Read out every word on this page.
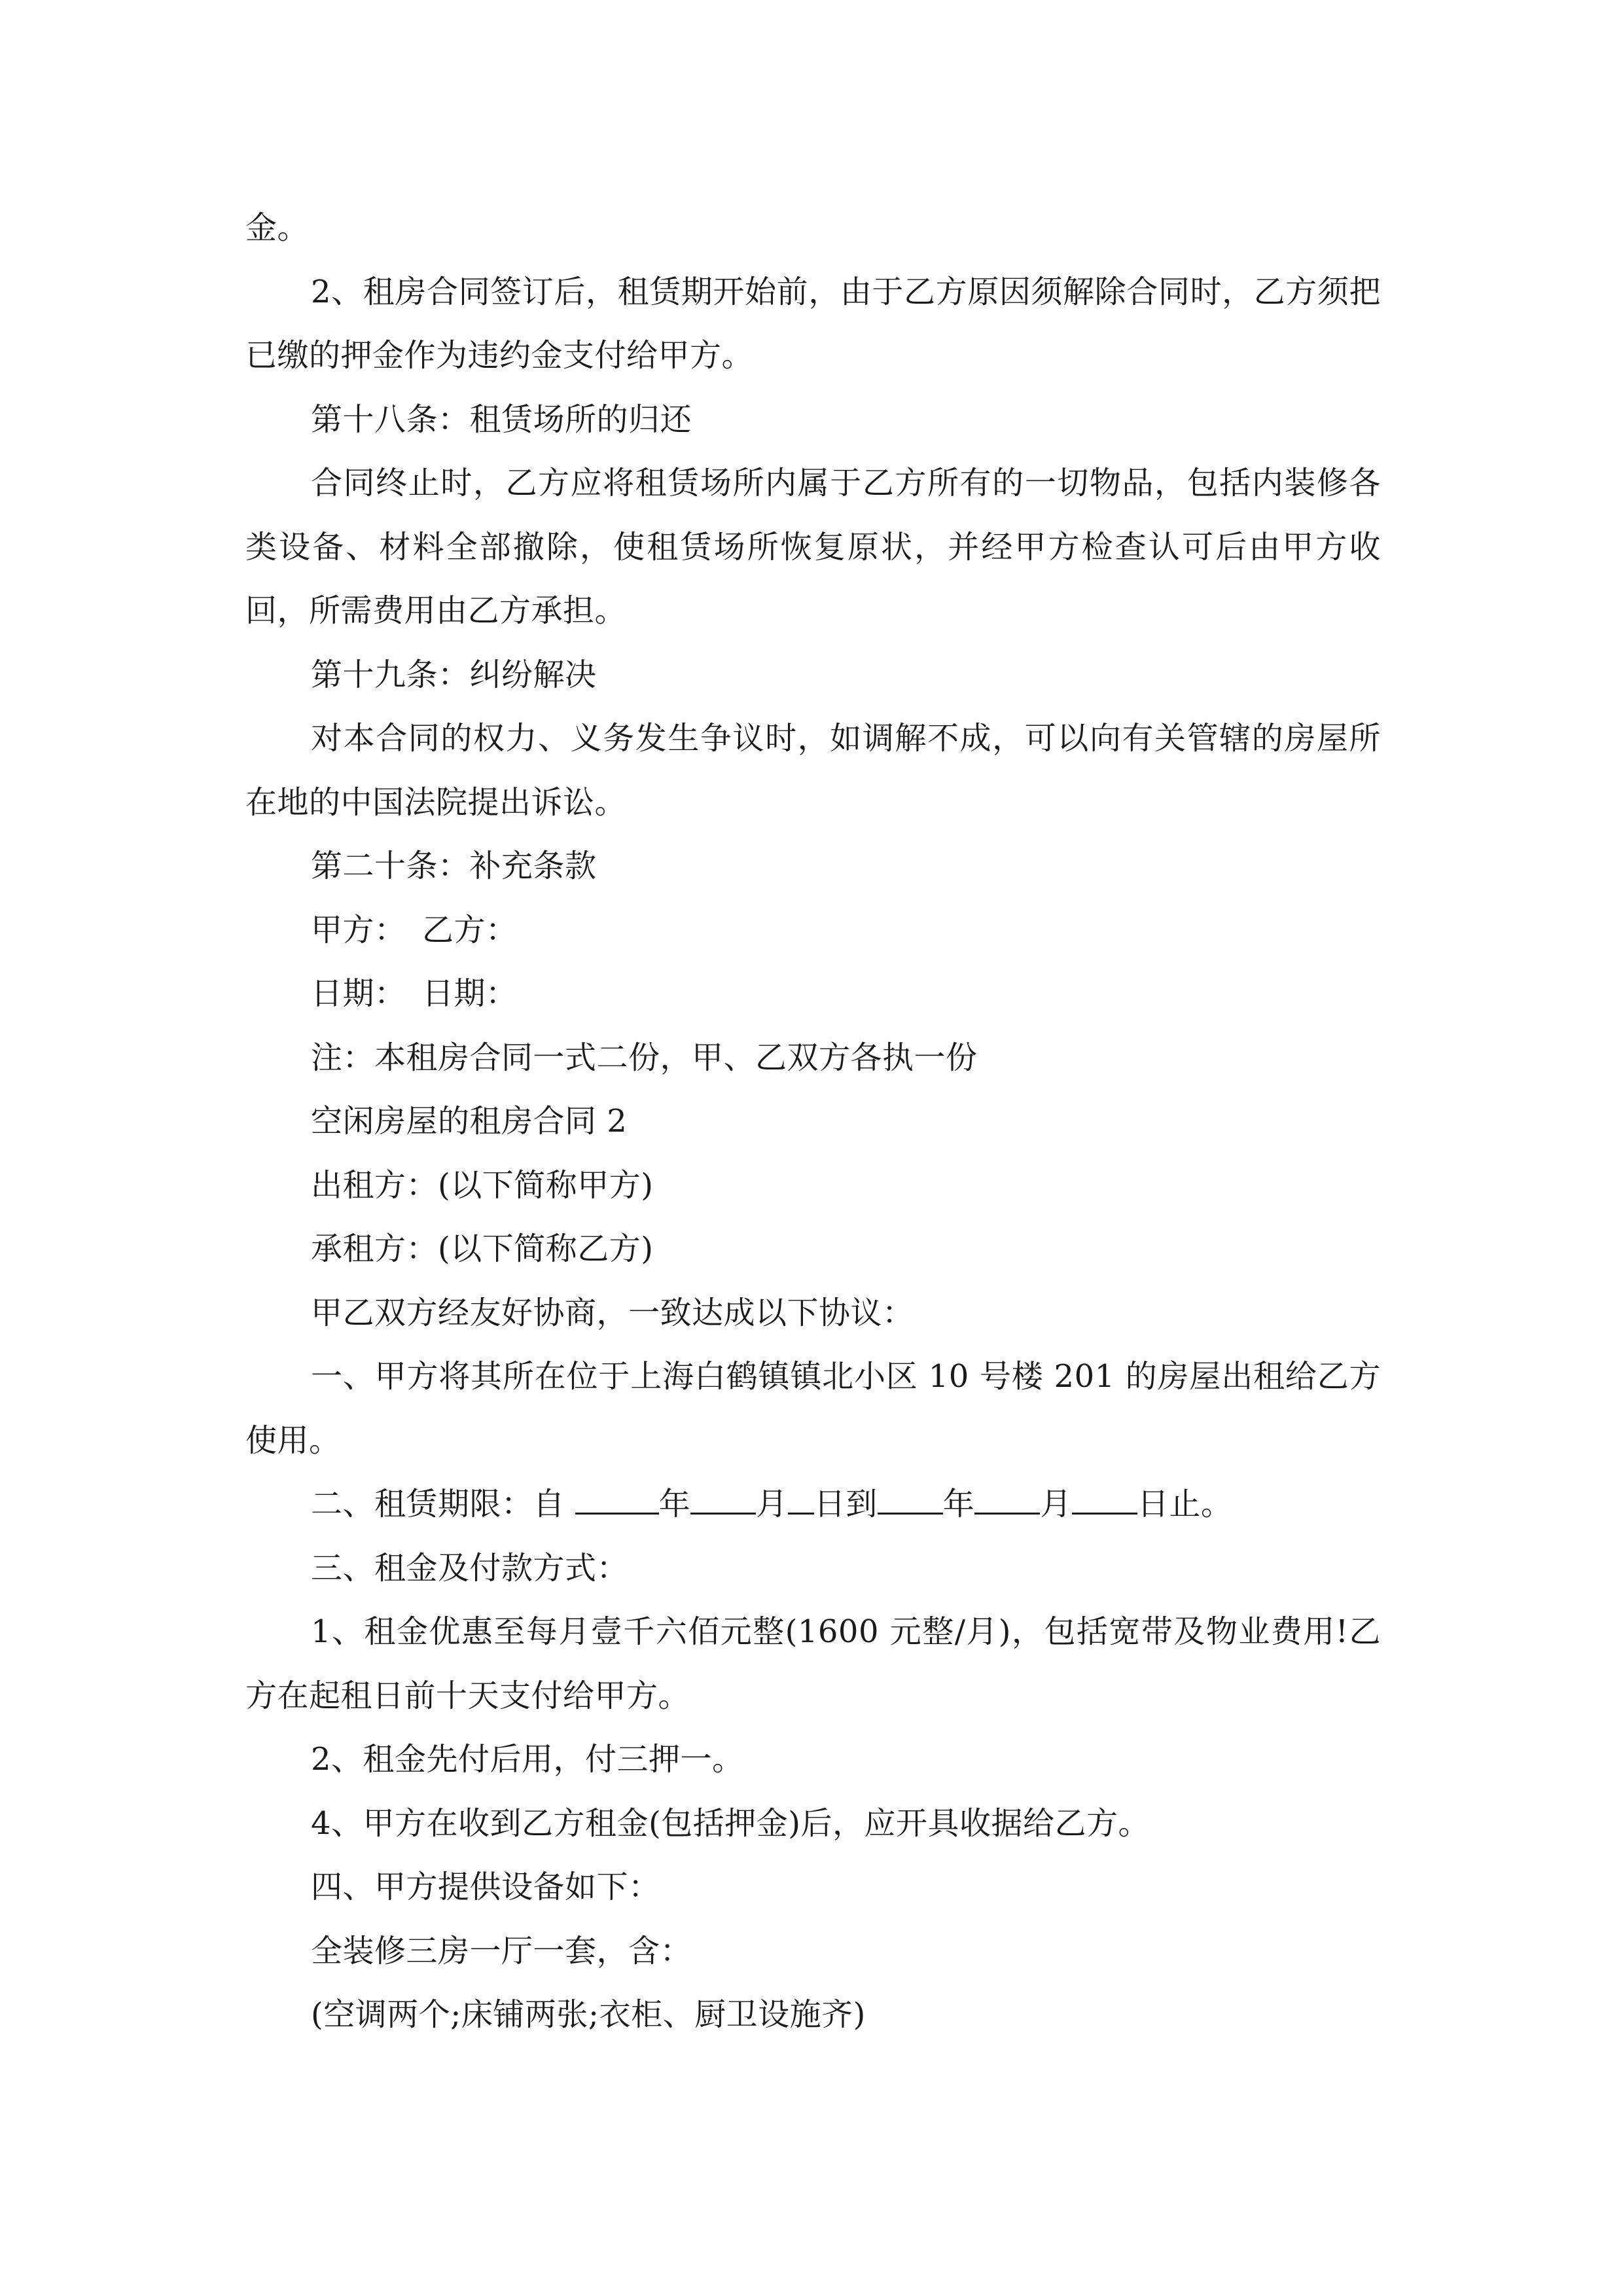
金。

2、租房合同签订后，租赁期开始前，由于乙方原因须解除合同时，乙方须把已缴的押金作为违约金支付给甲方。

第十八条：租赁场所的归还

合同终止时，乙方应将租赁场所内属于乙方所有的一切物品，包括内装修各类设备、材料全部撤除，使租赁场所恢复原状，并经甲方检查认可后由甲方收回，所需费用由乙方承担。

第十九条：纠纷解决

对本合同的权力、义务发生争议时，如调解不成，可以向有关管辖的房屋所在地的中国法院提出诉讼。

第二十条：补充条款

甲方：　乙方：

日期：　日期：

注：本租房合同一式二份，甲、乙双方各执一份

空闲房屋的租房合同 2

出租方：(以下简称甲方)

承租方：(以下简称乙方)

甲乙双方经友好协商，一致达成以下协议：

一、甲方将其所在位于上海白鹤镇镇北小区 10 号楼 201 的房屋出租给乙方使用。

二、租赁期限：自	年 月 日到 年 月 日止。

三、租金及付款方式：

1、租金优惠至每月壹千六佰元整(1600 元整/月)，包括宽带及物业费用!乙方在起租日前十天支付给甲方。

2、租金先付后用，付三押一。

4、甲方在收到乙方租金(包括押金)后，应开具收据给乙方。

四、甲方提供设备如下：

全装修三房一厅一套，含：

(空调两个;床铺两张;衣柜、厨卫设施齐)
